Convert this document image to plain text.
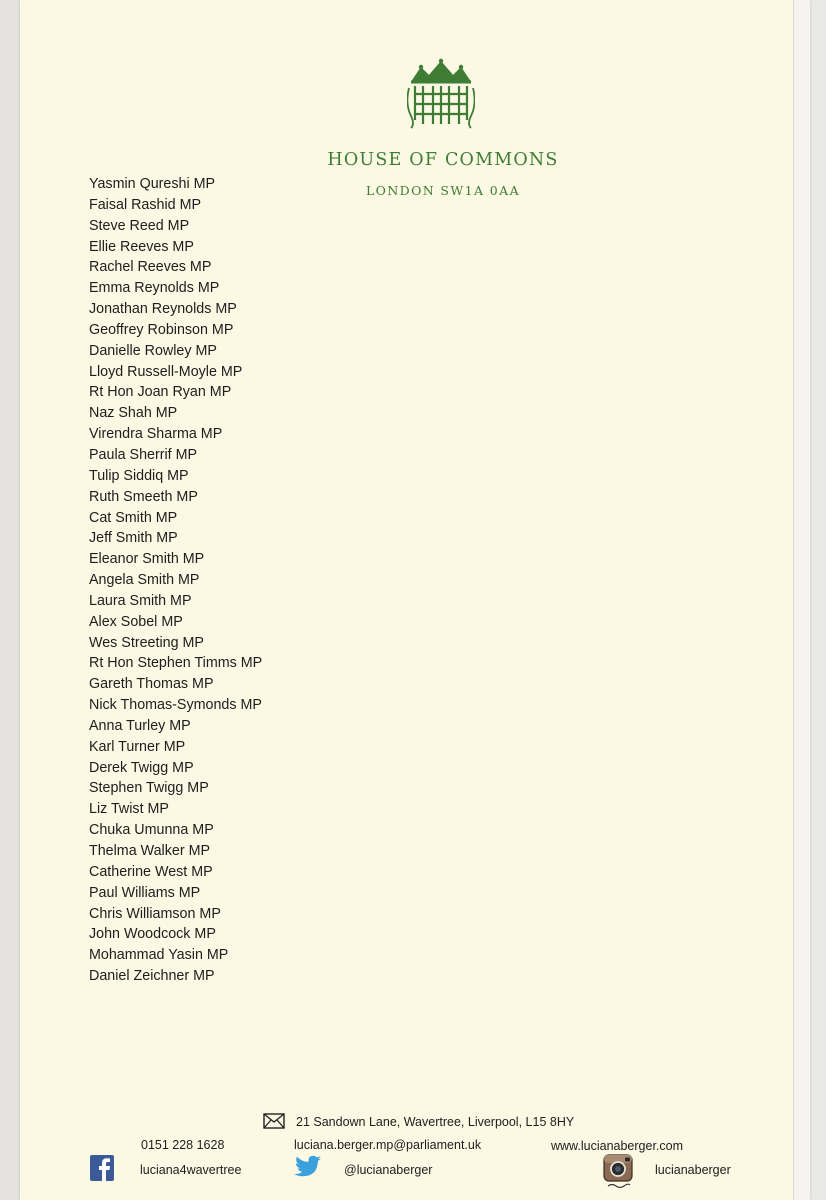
HOUSE OF COMMONS
LONDON SW1A 0AA
Yasmin Qureshi MP
Faisal Rashid MP
Steve Reed MP
Ellie Reeves MP
Rachel Reeves MP
Emma Reynolds MP
Jonathan Reynolds MP
Geoffrey Robinson MP
Danielle Rowley MP
Lloyd Russell-Moyle MP
Rt Hon Joan Ryan MP
Naz Shah MP
Virendra Sharma MP
Paula Sherrif MP
Tulip Siddiq MP
Ruth Smeeth MP
Cat Smith MP
Jeff Smith MP
Eleanor Smith MP
Angela Smith MP
Laura Smith MP
Alex Sobel MP
Wes Streeting MP
Rt Hon Stephen Timms MP
Gareth Thomas MP
Nick Thomas-Symonds MP
Anna Turley MP
Karl Turner MP
Derek Twigg MP
Stephen Twigg MP
Liz Twist MP
Chuka Umunna MP
Thelma Walker MP
Catherine West MP
Paul Williams MP
Chris Williamson MP
John Woodcock MP
Mohammad Yasin MP
Daniel Zeichner MP
21 Sandown Lane, Wavertree, Liverpool, L15 8HY
0151 228 1628	luciana.berger.mp@parliament.uk	www.lucianaberger.com
luciana4wavertree	@lucianaberger	lucianaberger
